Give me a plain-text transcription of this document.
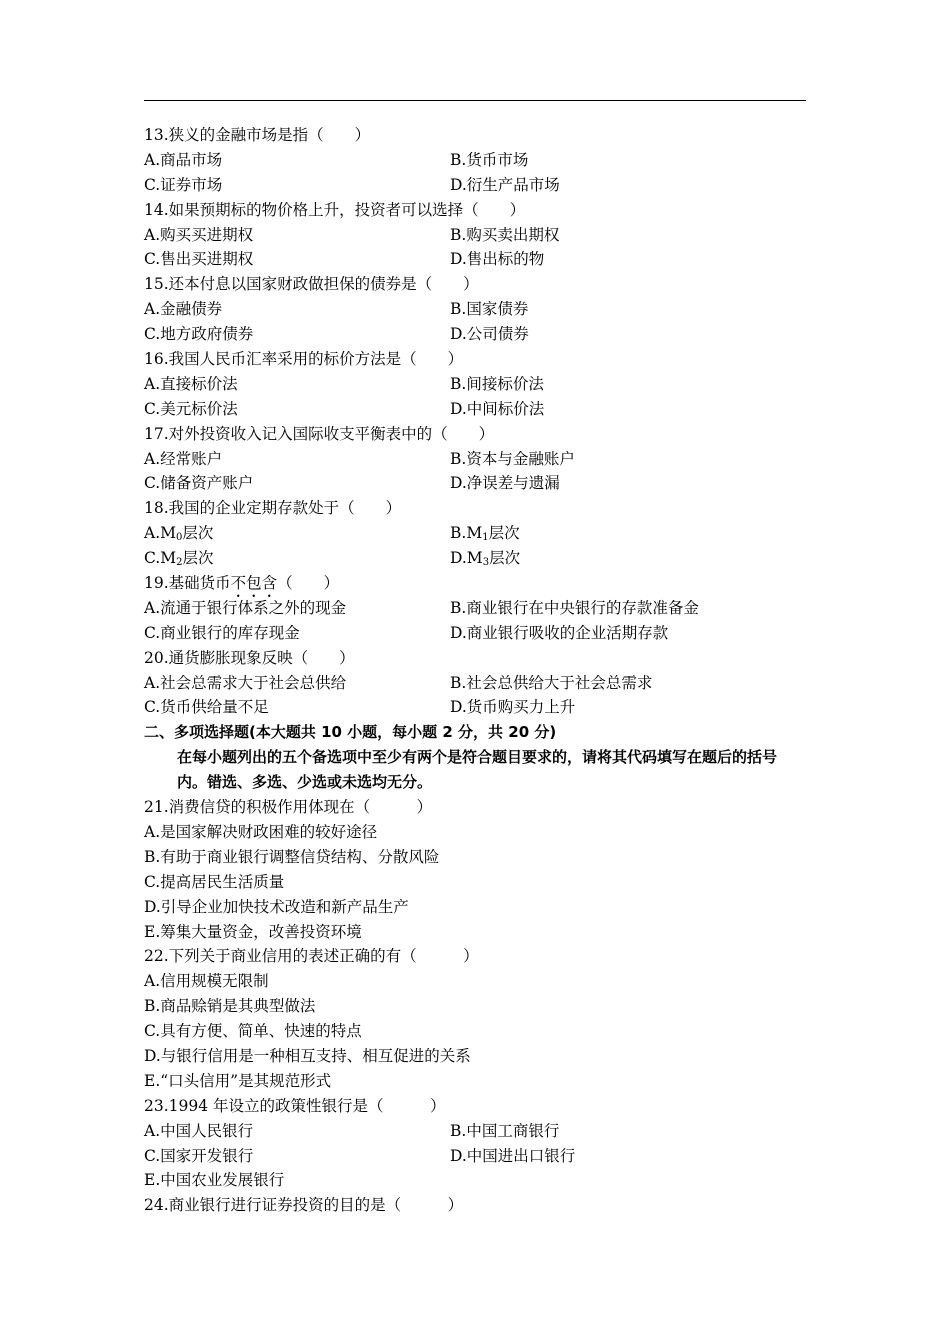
13.狭义的金融市场是指（　　）
A.商品市场	B.货币市场
C.证券市场	D.衍生产品市场
14.如果预期标的物价格上升，投资者可以选择（　　）
A.购买买进期权	B.购买卖出期权
C.售出买进期权	D.售出标的物
15.还本付息以国家财政做担保的债券是（　　）
A.金融债券	B.国家债券
C.地方政府债券	D.公司债券
16.我国人民币汇率采用的标价方法是（　　）
A.直接标价法	B.间接标价法
C.美元标价法	D.中间标价法
17.对外投资收入记入国际收支平衡表中的（　　）
A.经常账户	B.资本与金融账户
C.储备资产账户	D.净误差与遗漏
18.我国的企业定期存款处于（　　）
$A.M_0$层次	$B.M_1$层次
$C.M_2$层次	$D.M_3$层次
19.基础货币不包含（　　）
A.流通于银行体系之外的现金	B.商业银行在中央银行的存款准备金
C.商业银行的库存现金	D.商业银行吸收的企业活期存款
20.通货膨胀现象反映（　　）
A.社会总需求大于社会总供给	B.社会总供给大于社会总需求
C.货币供给量不足	D.货币购买力上升
二、多项选择题(本大题共 10 小题，每小题 2 分，共 20 分)
在每小题列出的五个备选项中至少有两个是符合题目要求的，请将其代码填写在题后的括号内。错选、多选、少选或未选均无分。
21.消费信贷的积极作用体现在（　　　）
A.是国家解决财政困难的较好途径
B.有助于商业银行调整信贷结构、分散风险
C.提高居民生活质量
D.引导企业加快技术改造和新产品生产
E.筹集大量资金，改善投资环境
22.下列关于商业信用的表述正确的有（　　　）
A.信用规模无限制
B.商品赊销是其典型做法
C.具有方便、简单、快速的特点
D.与银行信用是一种相互支持、相互促进的关系
E.“口头信用”是其规范形式
23.1994 年设立的政策性银行是（　　　）
A.中国人民银行	B.中国工商银行
C.国家开发银行	D.中国进出口银行
E.中国农业发展银行
24.商业银行进行证券投资的目的是（　　　）
